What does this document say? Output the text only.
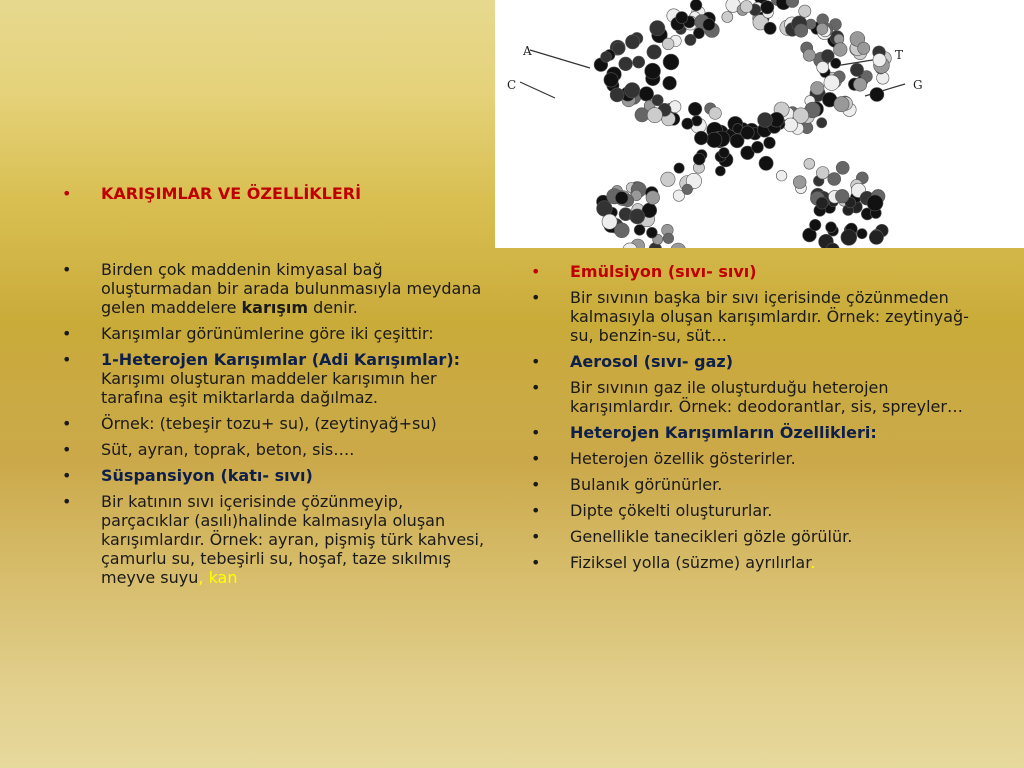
A
C
T
G
•	KARIŞIMLAR VE ÖZELLİKLERİ
•	Birden çok maddenin kimyasal bağ oluşturmadan bir arada bulunmasıyla meydana gelen maddelere karışım denir.
•	Karışımlar görünümlerine göre iki çeşittir:
•	1-Heterojen Karışımlar (Adi Karışımlar): Karışımı oluşturan maddeler karışımın her tarafına eşit miktarlarda dağılmaz.
•	Örnek: (tebeşir tozu+ su), (zeytinyağ+su)
•	Süt, ayran, toprak, beton, sis….
•	Süspansiyon (katı- sıvı)
•	Bir katının sıvı içerisinde çözünmeyip, parçacıklar (asılı)halinde kalmasıyla oluşan karışımlardır. Örnek: ayran, pişmiş türk kahvesi, çamurlu su, tebeşirli su, hoşaf, taze sıkılmış meyve suyu, kan
•	Emülsiyon (sıvı- sıvı)
•	Bir sıvının başka bir sıvı içerisinde çözünmeden kalmasıyla oluşan karışımlardır. Örnek: zeytinyağ-su, benzin-su, süt…
•	Aerosol (sıvı- gaz)
•	Bir sıvının gaz ile oluşturduğu heterojen karışımlardır. Örnek: deodorantlar, sis, spreyler…
•	Heterojen Karışımların Özellikleri:
•	Heterojen özellik gösterirler.
•	Bulanık görünürler.
•	Dipte çökelti oluştururlar.
•	Genellikle tanecikleri gözle görülür.
•	Fiziksel yolla (süzme) ayrılırlar.
